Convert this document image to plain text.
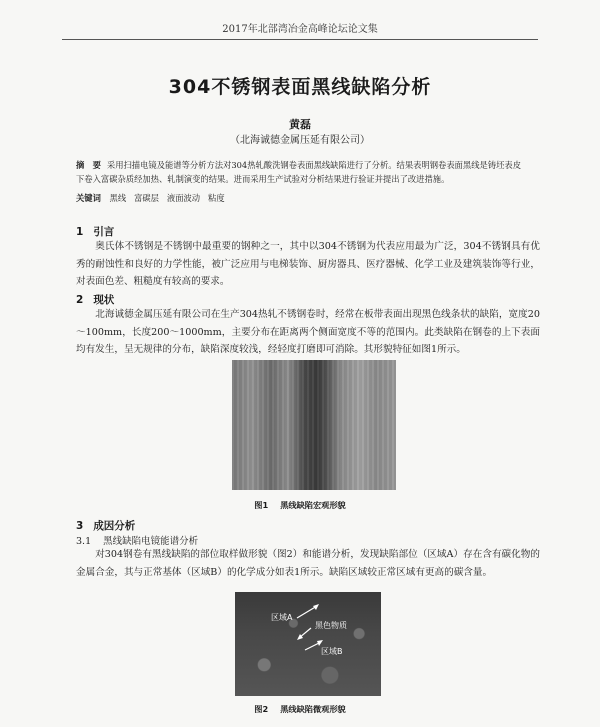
2017年北部湾冶金高峰论坛论文集
304不锈钢表面黑线缺陷分析
黄磊
（北海诚德金属压延有限公司）
摘　要 采用扫描电镜及能谱等分析方法对304热轧酸洗钢卷表面黑线缺陷进行了分析。结果表明钢卷表面黑线是铸坯表皮下卷入富碳杂质经加热、轧制演变的结果。进而采用生产试验对分析结果进行验证并提出了改进措施。
关键词 黑线 富碳层 液面波动 粘度
1 引言
奥氏体不锈钢是不锈钢中最重要的钢种之一，其中以304不锈钢为代表应用最为广泛，304不锈钢具有优秀的耐蚀性和良好的力学性能，被广泛应用与电梯装饰、厨房器具、医疗器械、化学工业及建筑装饰等行业，对表面色差、粗糙度有较高的要求。
2 现状
北海诚德金属压延有限公司在生产304热轧不锈钢卷时，经常在板带表面出现黑色线条状的缺陷，宽度20～100mm，长度200～1000mm，主要分布在距离两个侧面宽度不等的范围内。此类缺陷在钢卷的上下表面均有发生，呈无规律的分布，缺陷深度较浅，经轻度打磨即可消除。其形貌特征如图1所示。
图1 黑线缺陷宏观形貌
3 成因分析
3.1 黑线缺陷电镜能谱分析
对304钢卷有黑线缺陷的部位取样做形貌（图2）和能谱分析，发现缺陷部位（区域A）存在含有碳化物的金属合金，其与正常基体（区域B）的化学成分如表1所示。缺陷区域较正常区域有更高的碳含量。
区域A
黑色物质
区域B
图2 黑线缺陷微观形貌
